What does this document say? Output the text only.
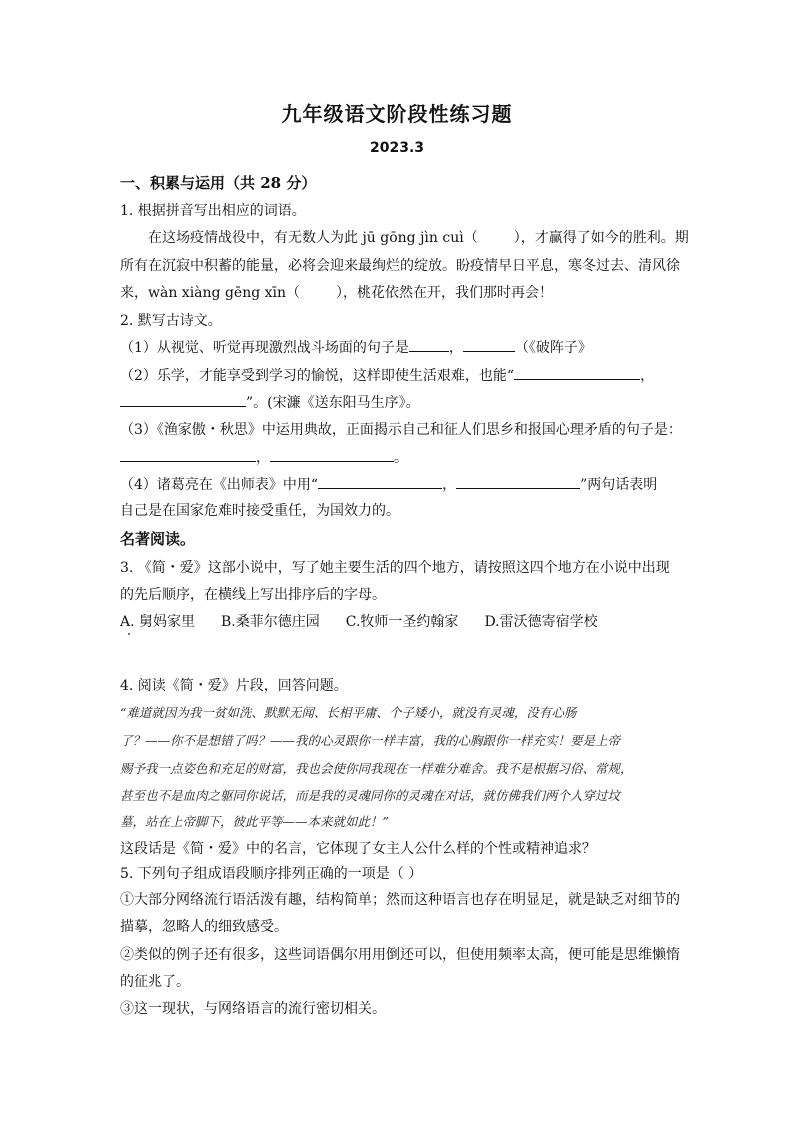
九年级语文阶段性练习题
2023.3
一、积累与运用（共 28 分）
1. 根据拼音写出相应的词语。
在这场疫情战役中，有无数人为此 jū gōng jìn cuì（	），才赢得了如今的胜利。期
所有在沉寂中积蓄的能量，必将会迎来最绚烂的绽放。盼疫情早日平息，寒冬过去、清风徐
来，wàn xiàng gēng xīn（	），桃花依然在开，我们那时再会！
2. 默写古诗文。
（1）从视觉、听觉再现激烈战斗场面的句子是	，	（《破阵子》
（2）乐学，才能享受到学习的愉悦，这样即使生活艰难，也能“	，
”。(宋濂《送东阳马生序》。
（3）《渔家傲・秋思》中运用典故，正面揭示自己和征人们思乡和报国心理矛盾的句子是：
，	。
（4）诸葛亮在《出师表》中用“	，	”两句话表明
自己是在国家危难时接受重任，为国效力的。
名著阅读。
3. 《简・爱》这部小说中，写了她主要生活的四个地方，请按照这四个地方在小说中出现
的先后顺序，在横线上写出排序后的字母。
A. 舅妈家里 B.桑菲尔德庄园 C.牧师一圣约翰家 D.雷沃德寄宿学校
4. 阅读《简・爱》片段，回答问题。
“难道就因为我一贫如洗、默默无闻、长相平庸、个子矮小，就没有灵魂，没有心肠
了？——你不是想错了吗？——我的心灵跟你一样丰富，我的心胸跟你一样充实！要是上帝
赐予我一点姿色和充足的财富，我也会使你同我现在一样难分难舍。我不是根据习俗、常规，
甚至也不是血肉之躯同你说话，而是我的灵魂同你的灵魂在对话，就仿佛我们两个人穿过坟
墓，站在上帝脚下，彼此平等——本来就如此！”
这段话是《简・爱》中的名言，它体现了女主人公什么样的个性或精神追求？
5. 下列句子组成语段顺序排列正确的一项是（ ）
①大部分网络流行语活泼有趣，结构简单；然而这种语言也存在明显足，就是缺乏对细节的
描摹，忽略人的细致感受。
②类似的例子还有很多，这些词语偶尔用用倒还可以，但使用频率太高，便可能是思维懒惰
的征兆了。
③这一现状，与网络语言的流行密切相关。
